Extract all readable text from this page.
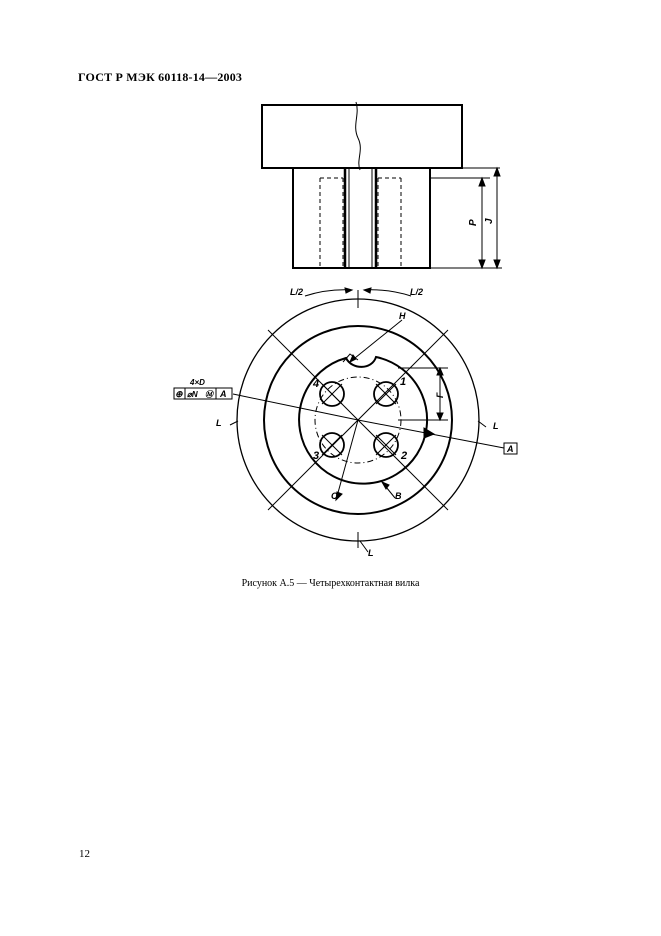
ГОСТ Р МЭК 60118-14—2003
P J
L/2	L/2
H
F
4	1
3	2
L	L
L
B
C
A
4×D
⊕ ⌀N Ⓜ A
Рисунок А.5 — Четырехконтактная вилка
12
